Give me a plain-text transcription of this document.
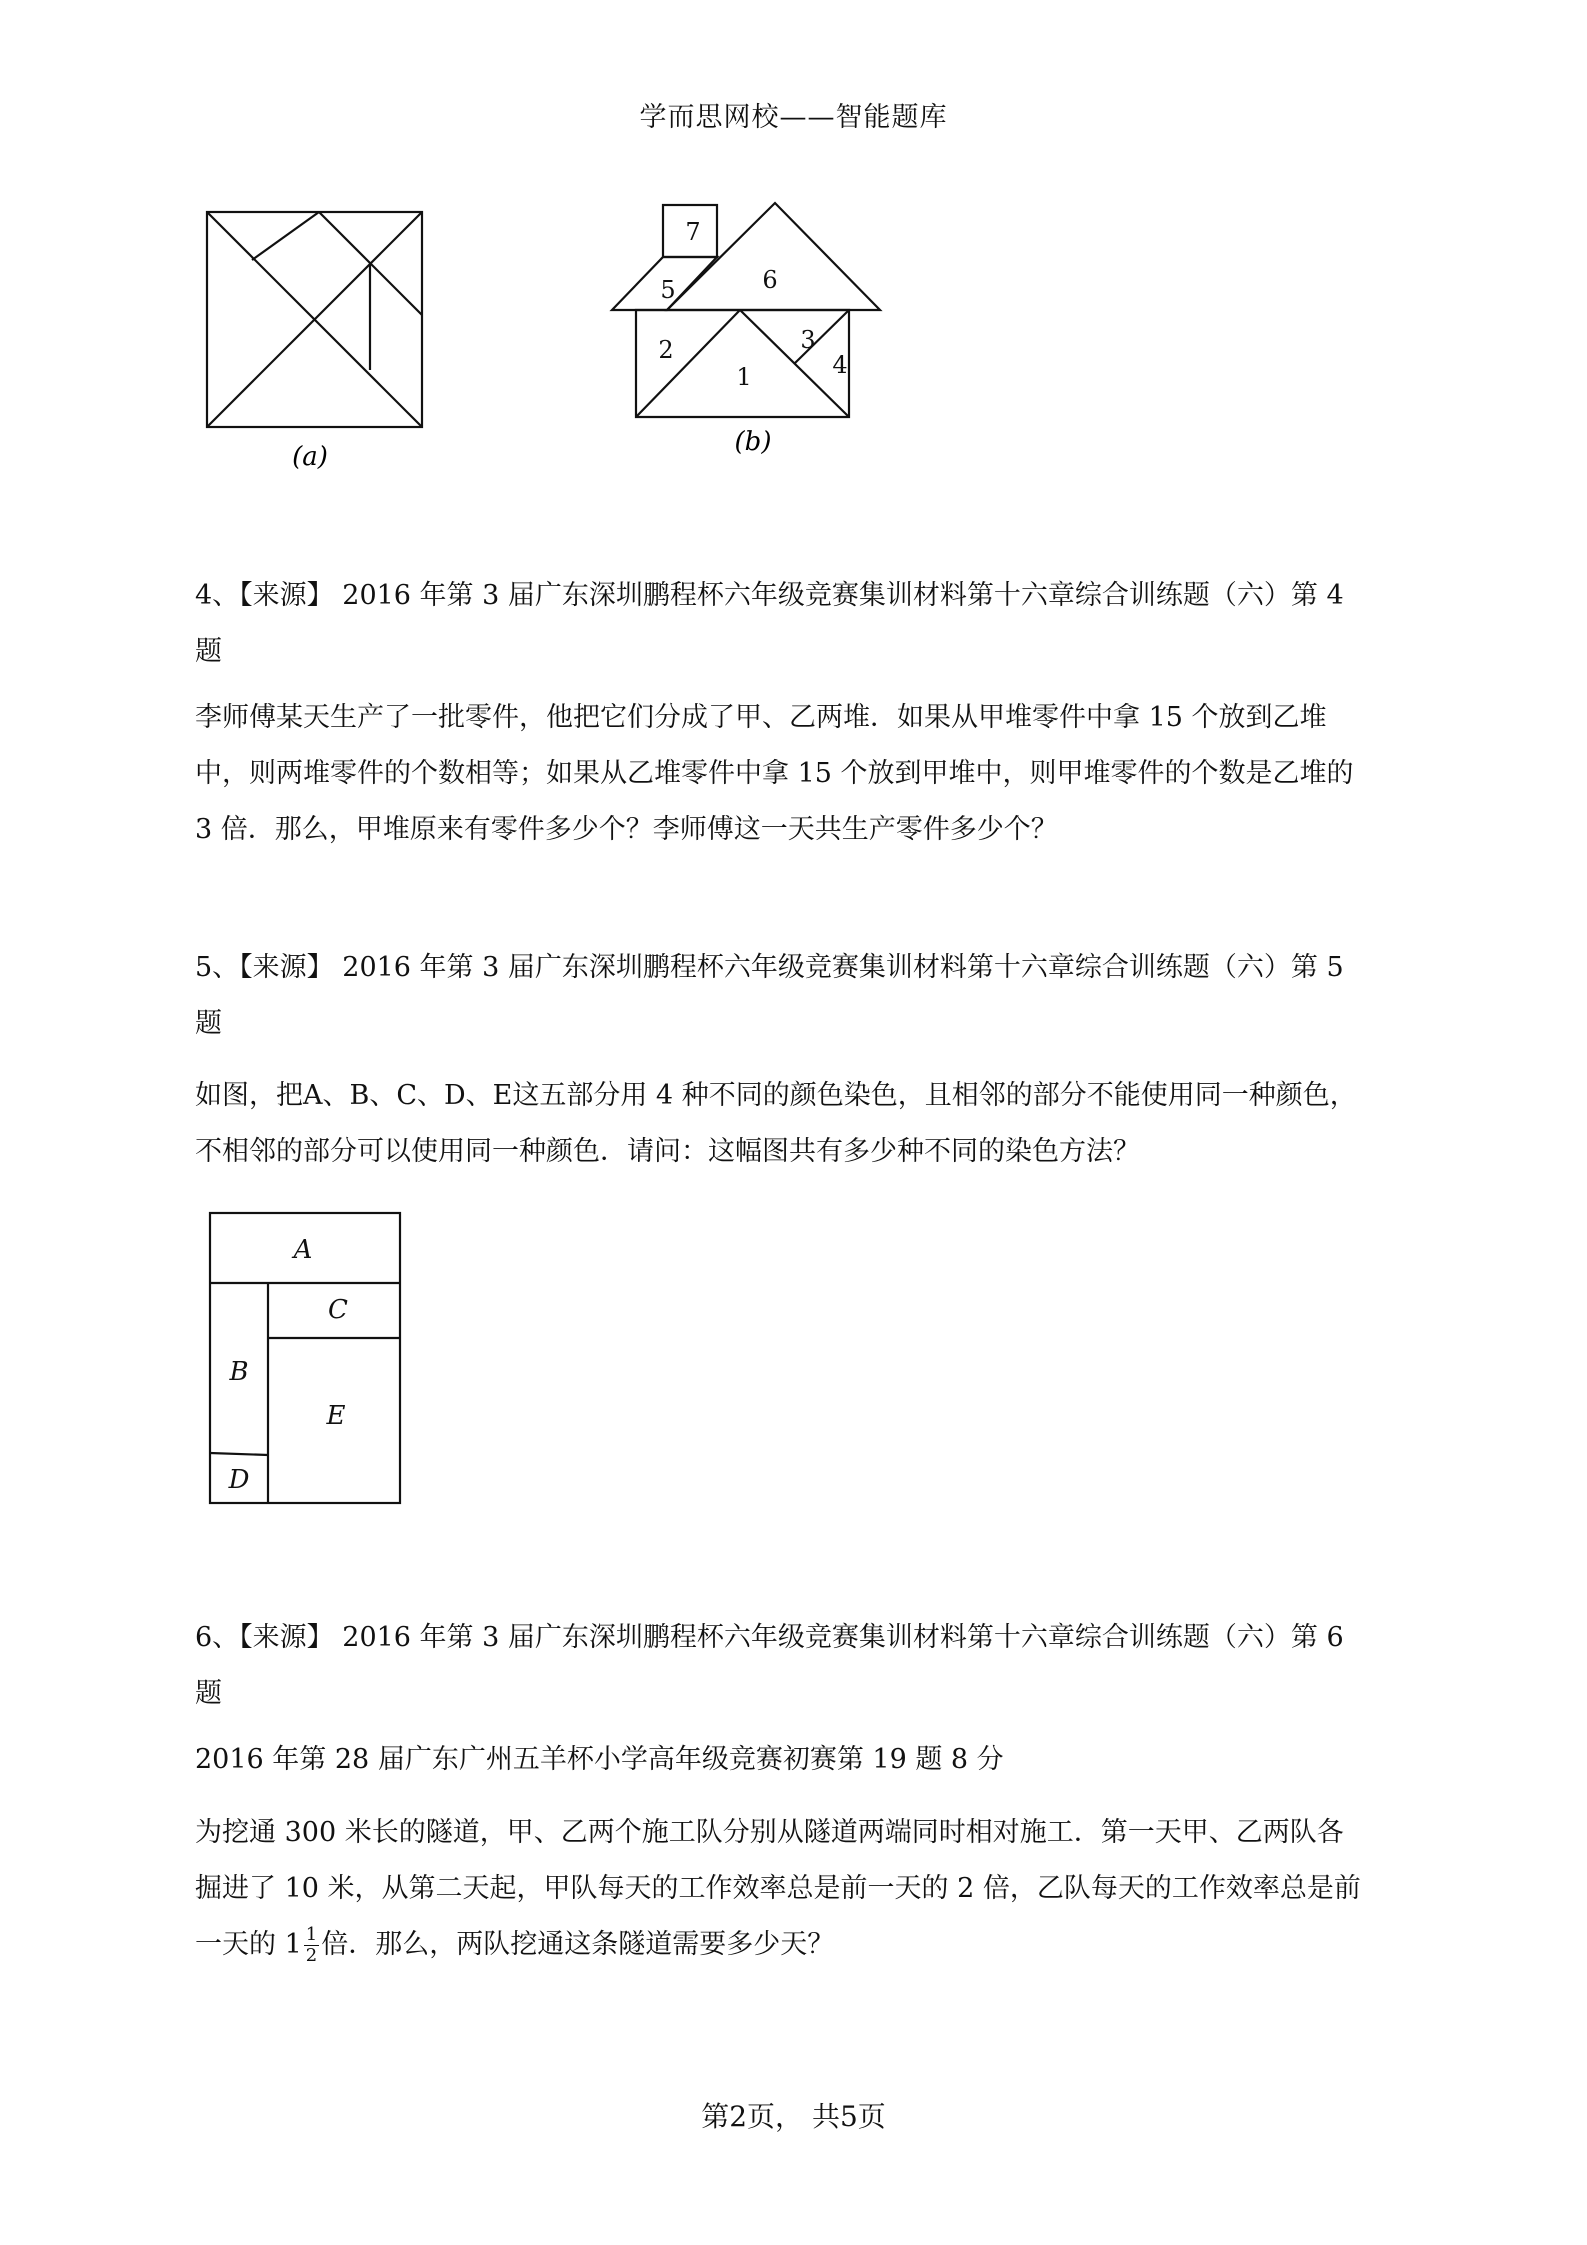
学而思网校——智能题库
(a)
7
5	6
2	3
1	4
(b)
4、【来源】 2016 年第 3 届广东深圳鹏程杯六年级竞赛集训材料第十六章综合训练题（六）第 4
题
李师傅某天生产了一批零件，他把它们分成了甲、乙两堆．如果从甲堆零件中拿 15 个放到乙堆
中，则两堆零件的个数相等；如果从乙堆零件中拿 15 个放到甲堆中，则甲堆零件的个数是乙堆的
3 倍．那么，甲堆原来有零件多少个？李师傅这一天共生产零件多少个？
5、【来源】 2016 年第 3 届广东深圳鹏程杯六年级竞赛集训材料第十六章综合训练题（六）第 5
题
如图，把A、B、C、D、E这五部分用 4 种不同的颜色染色，且相邻的部分不能使用同一种颜色，
不相邻的部分可以使用同一种颜色．请问：这幅图共有多少种不同的染色方法？
A
B
C
D
E
6、【来源】 2016 年第 3 届广东深圳鹏程杯六年级竞赛集训材料第十六章综合训练题（六）第 6
题
2016 年第 28 届广东广州五羊杯小学高年级竞赛初赛第 19 题 8 分
为挖通 300 米长的隧道，甲、乙两个施工队分别从隧道两端同时相对施工．第一天甲、乙两队各
掘进了 10 米，从第二天起，甲队每天的工作效率总是前一天的 2 倍，乙队每天的工作效率总是前
一天的 $1 \frac{1}{2}$ 倍．那么，两队挖通这条隧道需要多少天？
第2页， 共5页
